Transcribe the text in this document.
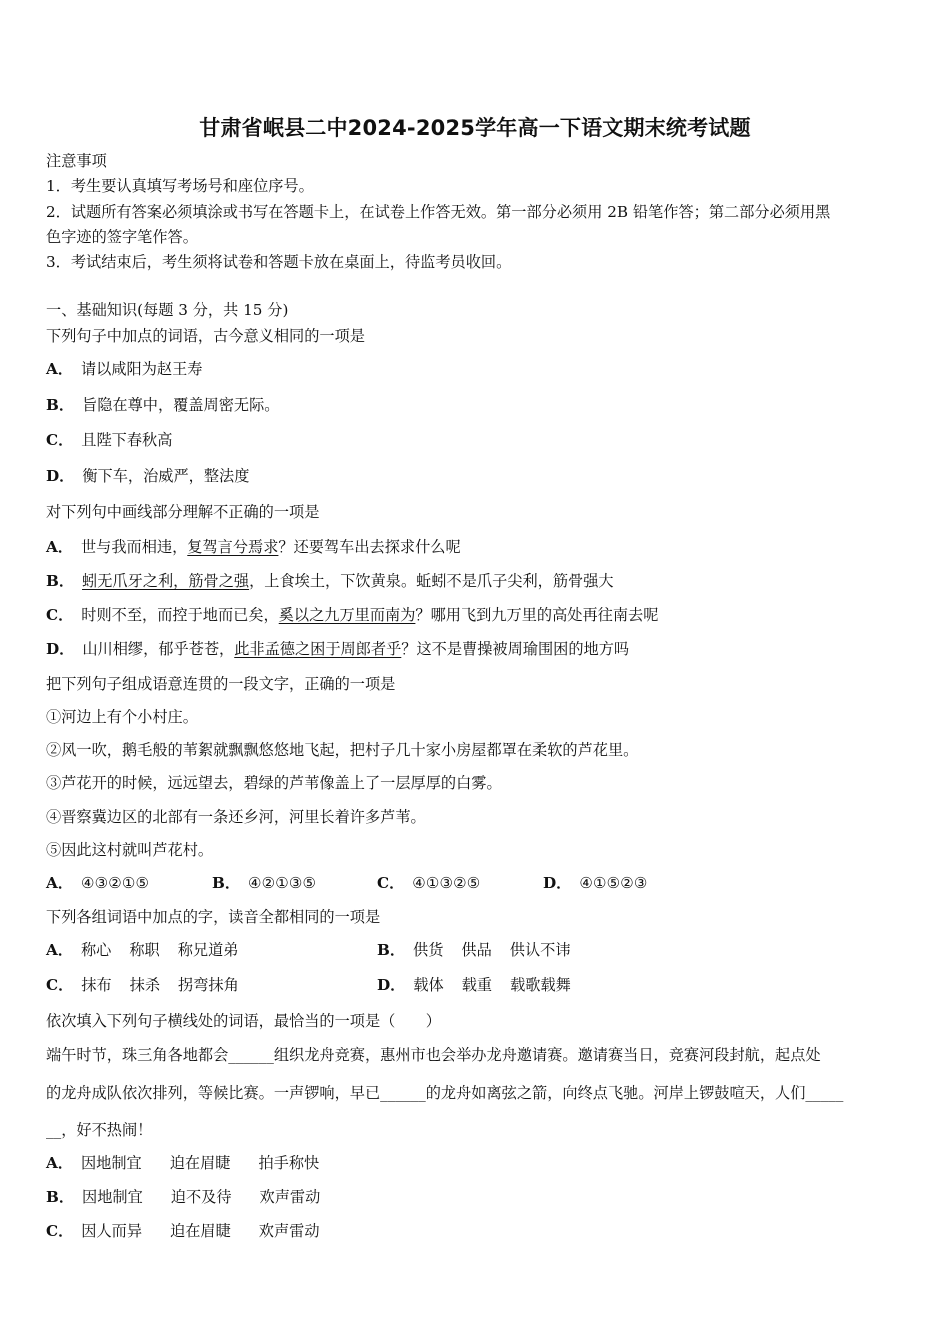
甘肃省岷县二中2024-2025学年高一下语文期末统考试题
注意事项
1．考生要认真填写考场号和座位序号。
2．试题所有答案必须填涂或书写在答题卡上，在试卷上作答无效。第一部分必须用 2B 铅笔作答；第二部分必须用黑
色字迹的签字笔作答。
3．考试结束后，考生须将试卷和答题卡放在桌面上，待监考员收回。
一、基础知识(每题 3 分，共 15 分)
下列句子中加点的词语，古今意义相同的一项是
A． 请以咸阳为赵王寿
B． 旨隐在尊中，覆盖周密无际。
C． 且陛下春秋高
D． 衡下车，治威严，整法度
对下列句中画线部分理解不正确的一项是
A． 世与我而相违，复驾言兮焉求？还要驾车出去探求什么呢
B． 蚓无爪牙之利，筋骨之强，上食埃土，下饮黄泉。蚯蚓不是爪子尖利，筋骨强大
C． 时则不至，而控于地而已矣，奚以之九万里而南为？哪用飞到九万里的高处再往南去呢
D． 山川相缪，郁乎苍苍，此非孟德之困于周郎者乎？这不是曹操被周瑜围困的地方吗
把下列句子组成语意连贯的一段文字，正确的一项是
①河边上有个小村庄。
②风一吹，鹅毛般的苇絮就飘飘悠悠地飞起，把村子几十家小房屋都罩在柔软的芦花里。
③芦花开的时候，远远望去，碧绿的芦苇像盖上了一层厚厚的白雾。
④晋察冀边区的北部有一条还乡河，河里长着许多芦苇。
⑤因此这村就叫芦花村。
A． ④③②①⑤	B． ④②①③⑤	C． ④①③②⑤	D． ④①⑤②③
下列各组词语中加点的字，读音全都相同的一项是
A． 称心 称职 称兄道弟	B． 供货 供品 供认不讳
C． 抹布 抹杀 拐弯抹角	D． 载体 载重 载歌载舞
依次填入下列句子横线处的词语，最恰当的一项是（　　）
端午时节，珠三角各地都会______组织龙舟竞赛，惠州市也会举办龙舟邀请赛。邀请赛当日，竞赛河段封航，起点处
的龙舟成队依次排列，等候比赛。一声锣响，早已______的龙舟如离弦之箭，向终点飞驰。河岸上锣鼓喧天，人们_____
__，好不热闹！
A． 因地制宜 迫在眉睫 拍手称快
B． 因地制宜 迫不及待 欢声雷动
C． 因人而异 迫在眉睫 欢声雷动
